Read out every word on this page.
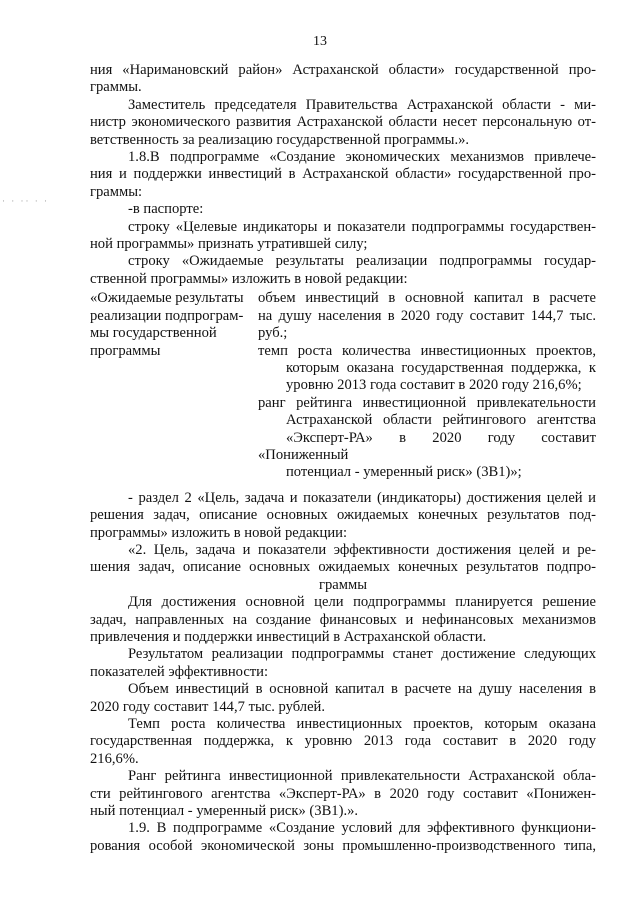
13
· · ·· · ·

ния «Наримановский район» Астраханской области» государственной про-

граммы.

Заместитель председателя Правительства Астраханской области - ми-

нистр экономического развития Астраханской области несет персональную от-

ветственность за реализацию государственной программы.».

1.8.В подпрограмме «Создание экономических механизмов привлече-

ния и поддержки инвестиций в Астраханской области» государственной про-

граммы:

-в паспорте:

строку «Целевые индикаторы и показатели подпрограммы государствен-

ной программы» признать утратившей силу;

строку «Ожидаемые результаты реализации подпрограммы государ-

ственной программы» изложить в новой редакции:

«Ожидаемые результаты

реализации подпрограм-

мы государственной

программы

объем инвестиций в основной капитал в расчете

на душу населения в 2020 году составит 144,7 тыс.

руб.;

темп роста количества инвестиционных проектов,

которым оказана государственная поддержка, к

уровню 2013 года составит в 2020 году 216,6%;

ранг рейтинга инвестиционной привлекательности

Астраханской области рейтингового агентства

«Эксперт-РА» в 2020 году составит «Пониженный

потенциал - умеренный риск» (3В1)»;

- раздел 2 «Цель, задача и показатели (индикаторы) достижения целей и

решения задач, описание основных ожидаемых конечных результатов под-

программы» изложить в новой редакции:

«2. Цель, задача и показатели эффективности достижения целей и ре-

шения задач, описание основных ожидаемых конечных результатов подпро-

граммы

Для достижения основной цели подпрограммы планируется решение

задач, направленных на создание финансовых и нефинансовых механизмов

привлечения и поддержки инвестиций в Астраханской области.

Результатом реализации подпрограммы станет достижение следующих

показателей эффективности:

Объем инвестиций в основной капитал в расчете на душу населения в

2020 году составит 144,7 тыс. рублей.

Темп роста количества инвестиционных проектов, которым оказана

государственная поддержка, к уровню 2013 года составит в 2020 году

216,6%.

Ранг рейтинга инвестиционной привлекательности Астраханской обла-

сти рейтингового агентства «Эксперт-РА» в 2020 году составит «Понижен-

ный потенциал - умеренный риск» (3В1).».

1.9. В подпрограмме «Создание условий для эффективного функциони-

рования особой экономической зоны промышленно-производственного типа,
